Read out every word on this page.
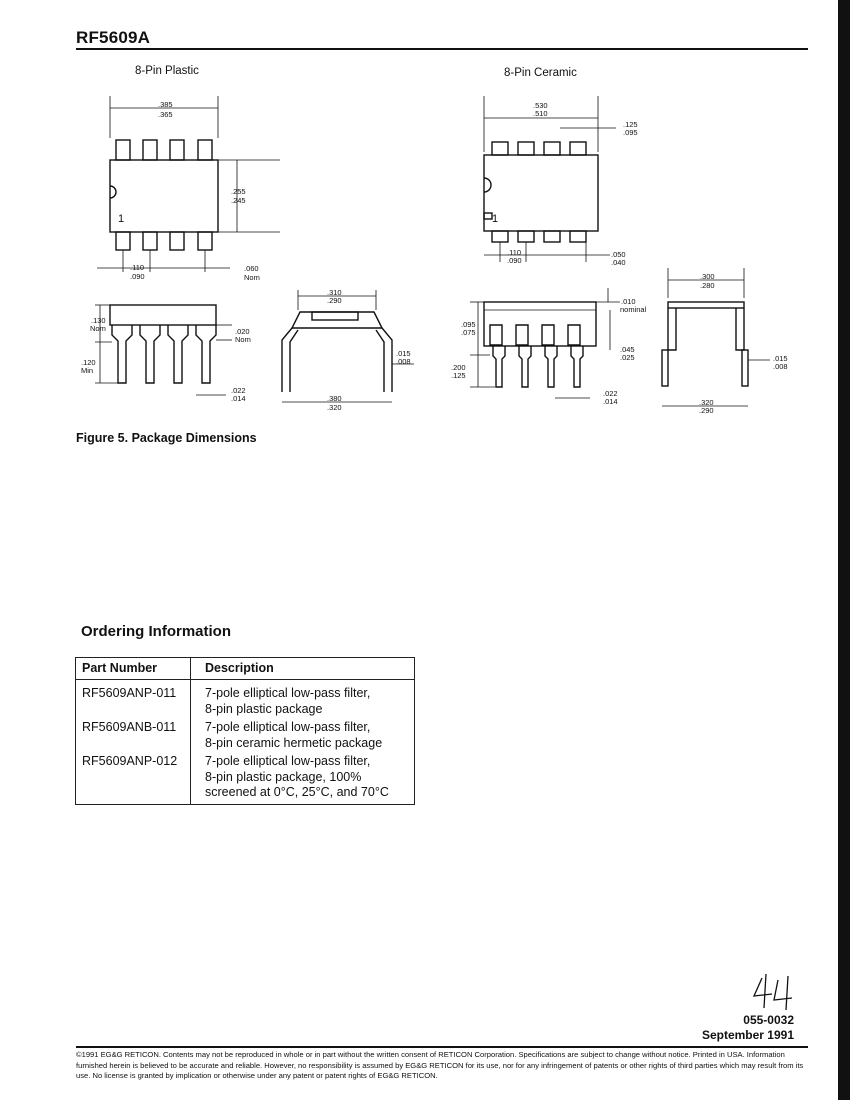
RF5609A
8-Pin Plastic	8-Pin Ceramic
.385
.365
.255
.245
1
.110
.090
.060
Nom
.130
Nom
.120
Min
.020
Nom
.022
.014
.310
.290
.015
.008
.380
.320
.530
.510
.125
.095
1
.110
.090
.050
.040
.010
nominal
.095
.075
.045
.025
.200
.125
.022
.014
.300
.280
.015
.008
.320
.290
Figure 5. Package Dimensions
Ordering Information
Part Number	Description
RF5609ANP-011	7-pole elliptical low-pass filter,
8-pin plastic package

RF5609ANB-011	7-pole elliptical low-pass filter,
8-pin ceramic hermetic package

RF5609ANP-012	7-pole elliptical low-pass filter,
8-pin plastic package, 100%
screened at 0°C, 25°C, and 70°C
055-0032
September 1991
©1991 EG&G RETICON. Contents may not be reproduced in whole or in part without the written consent of RETICON Corporation. Specifications are subject to change without notice. Printed in USA. Information furnished herein is believed to be accurate and reliable. However, no responsibility is assumed by EG&G RETICON for its use, nor for any infringement of patents or other rights of third parties which may result from its use. No license is granted by implication or otherwise under any patent or patent rights of EG&G RETICON.
